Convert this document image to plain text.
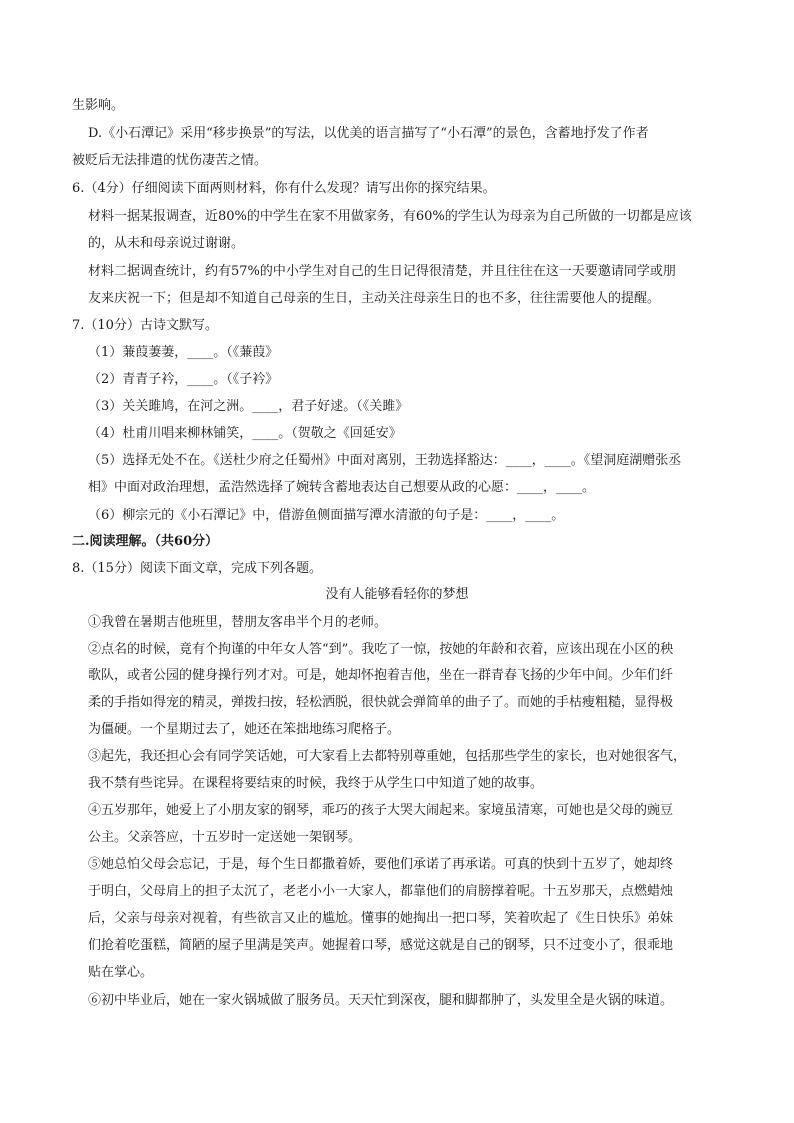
生影响。
D.《小石潭记》采用“移步换景”的写法，以优美的语言描写了“小石潭”的景色，含蓄地抒发了作者
被贬后无法排遣的忧伤凄苦之情。
6.（4分）仔细阅读下面两则材料，你有什么发现？请写出你的探究结果。
材料一据某报调查，近80%的中学生在家不用做家务，有60%的学生认为母亲为自己所做的一切都是应该
的，从未和母亲说过谢谢。
材料二据调查统计，约有57%的中小学生对自己的生日记得很清楚，并且往往在这一天要邀请同学或朋
友来庆祝一下；但是却不知道自己母亲的生日，主动关注母亲生日的也不多，往往需要他人的提醒。
7.（10分）古诗文默写。
（1）蒹葭萋萋，____。（《蒹葭》
（2）青青子衿，____。（《子衿》
（3）关关雎鸠，在河之洲。____，君子好逑。（《关雎》
（4）杜甫川唱来柳林铺笑，____。（贺敬之《回延安》
（5）选择无处不在。《送杜少府之任蜀州》中面对离别，王勃选择豁达：____，____。《望洞庭湖赠张丞
相》中面对政治理想，孟浩然选择了婉转含蓄地表达自己想要从政的心愿：____，____。
（6）柳宗元的《小石潭记》中，借游鱼侧面描写潭水清澈的句子是：____，____。
二.阅读理解。（共60分）
8.（15分）阅读下面文章，完成下列各题。
没有人能够看轻你的梦想
①我曾在暑期吉他班里，替朋友客串半个月的老师。
②点名的时候，竟有个拘谨的中年女人答“到”。我吃了一惊，按她的年龄和衣着，应该出现在小区的秧
歌队，或者公园的健身操行列才对。可是，她却怀抱着吉他，坐在一群青春飞扬的少年中间。少年们纤
柔的手指如得宠的精灵，弹拨扫按，轻松洒脱，很快就会弹简单的曲子了。而她的手枯瘦粗糙，显得极
为僵硬。一个星期过去了，她还在笨拙地练习爬格子。
③起先，我还担心会有同学笑话她，可大家看上去都特别尊重她，包括那些学生的家长，也对她很客气，
我不禁有些诧异。在课程将要结束的时候，我终于从学生口中知道了她的故事。
④五岁那年，她爱上了小朋友家的钢琴，乖巧的孩子大哭大闹起来。家境虽清寒，可她也是父母的豌豆
公主。父亲答应，十五岁时一定送她一架钢琴。
⑤她总怕父母会忘记，于是，每个生日都撒着娇，要他们承诺了再承诺。可真的快到十五岁了，她却终
于明白，父母肩上的担子太沉了，老老小小一大家人，都靠他们的肩膀撑着呢。十五岁那天，点燃蜡烛
后，父亲与母亲对视着，有些欲言又止的尴尬。懂事的她掏出一把口琴，笑着吹起了《生日快乐》弟妹
们抢着吃蛋糕，简陋的屋子里满是笑声。她握着口琴，感觉这就是自己的钢琴，只不过变小了，很乖地
贴在掌心。
⑥初中毕业后，她在一家火锅城做了服务员。天天忙到深夜，腿和脚都肿了，头发里全是火锅的味道。
